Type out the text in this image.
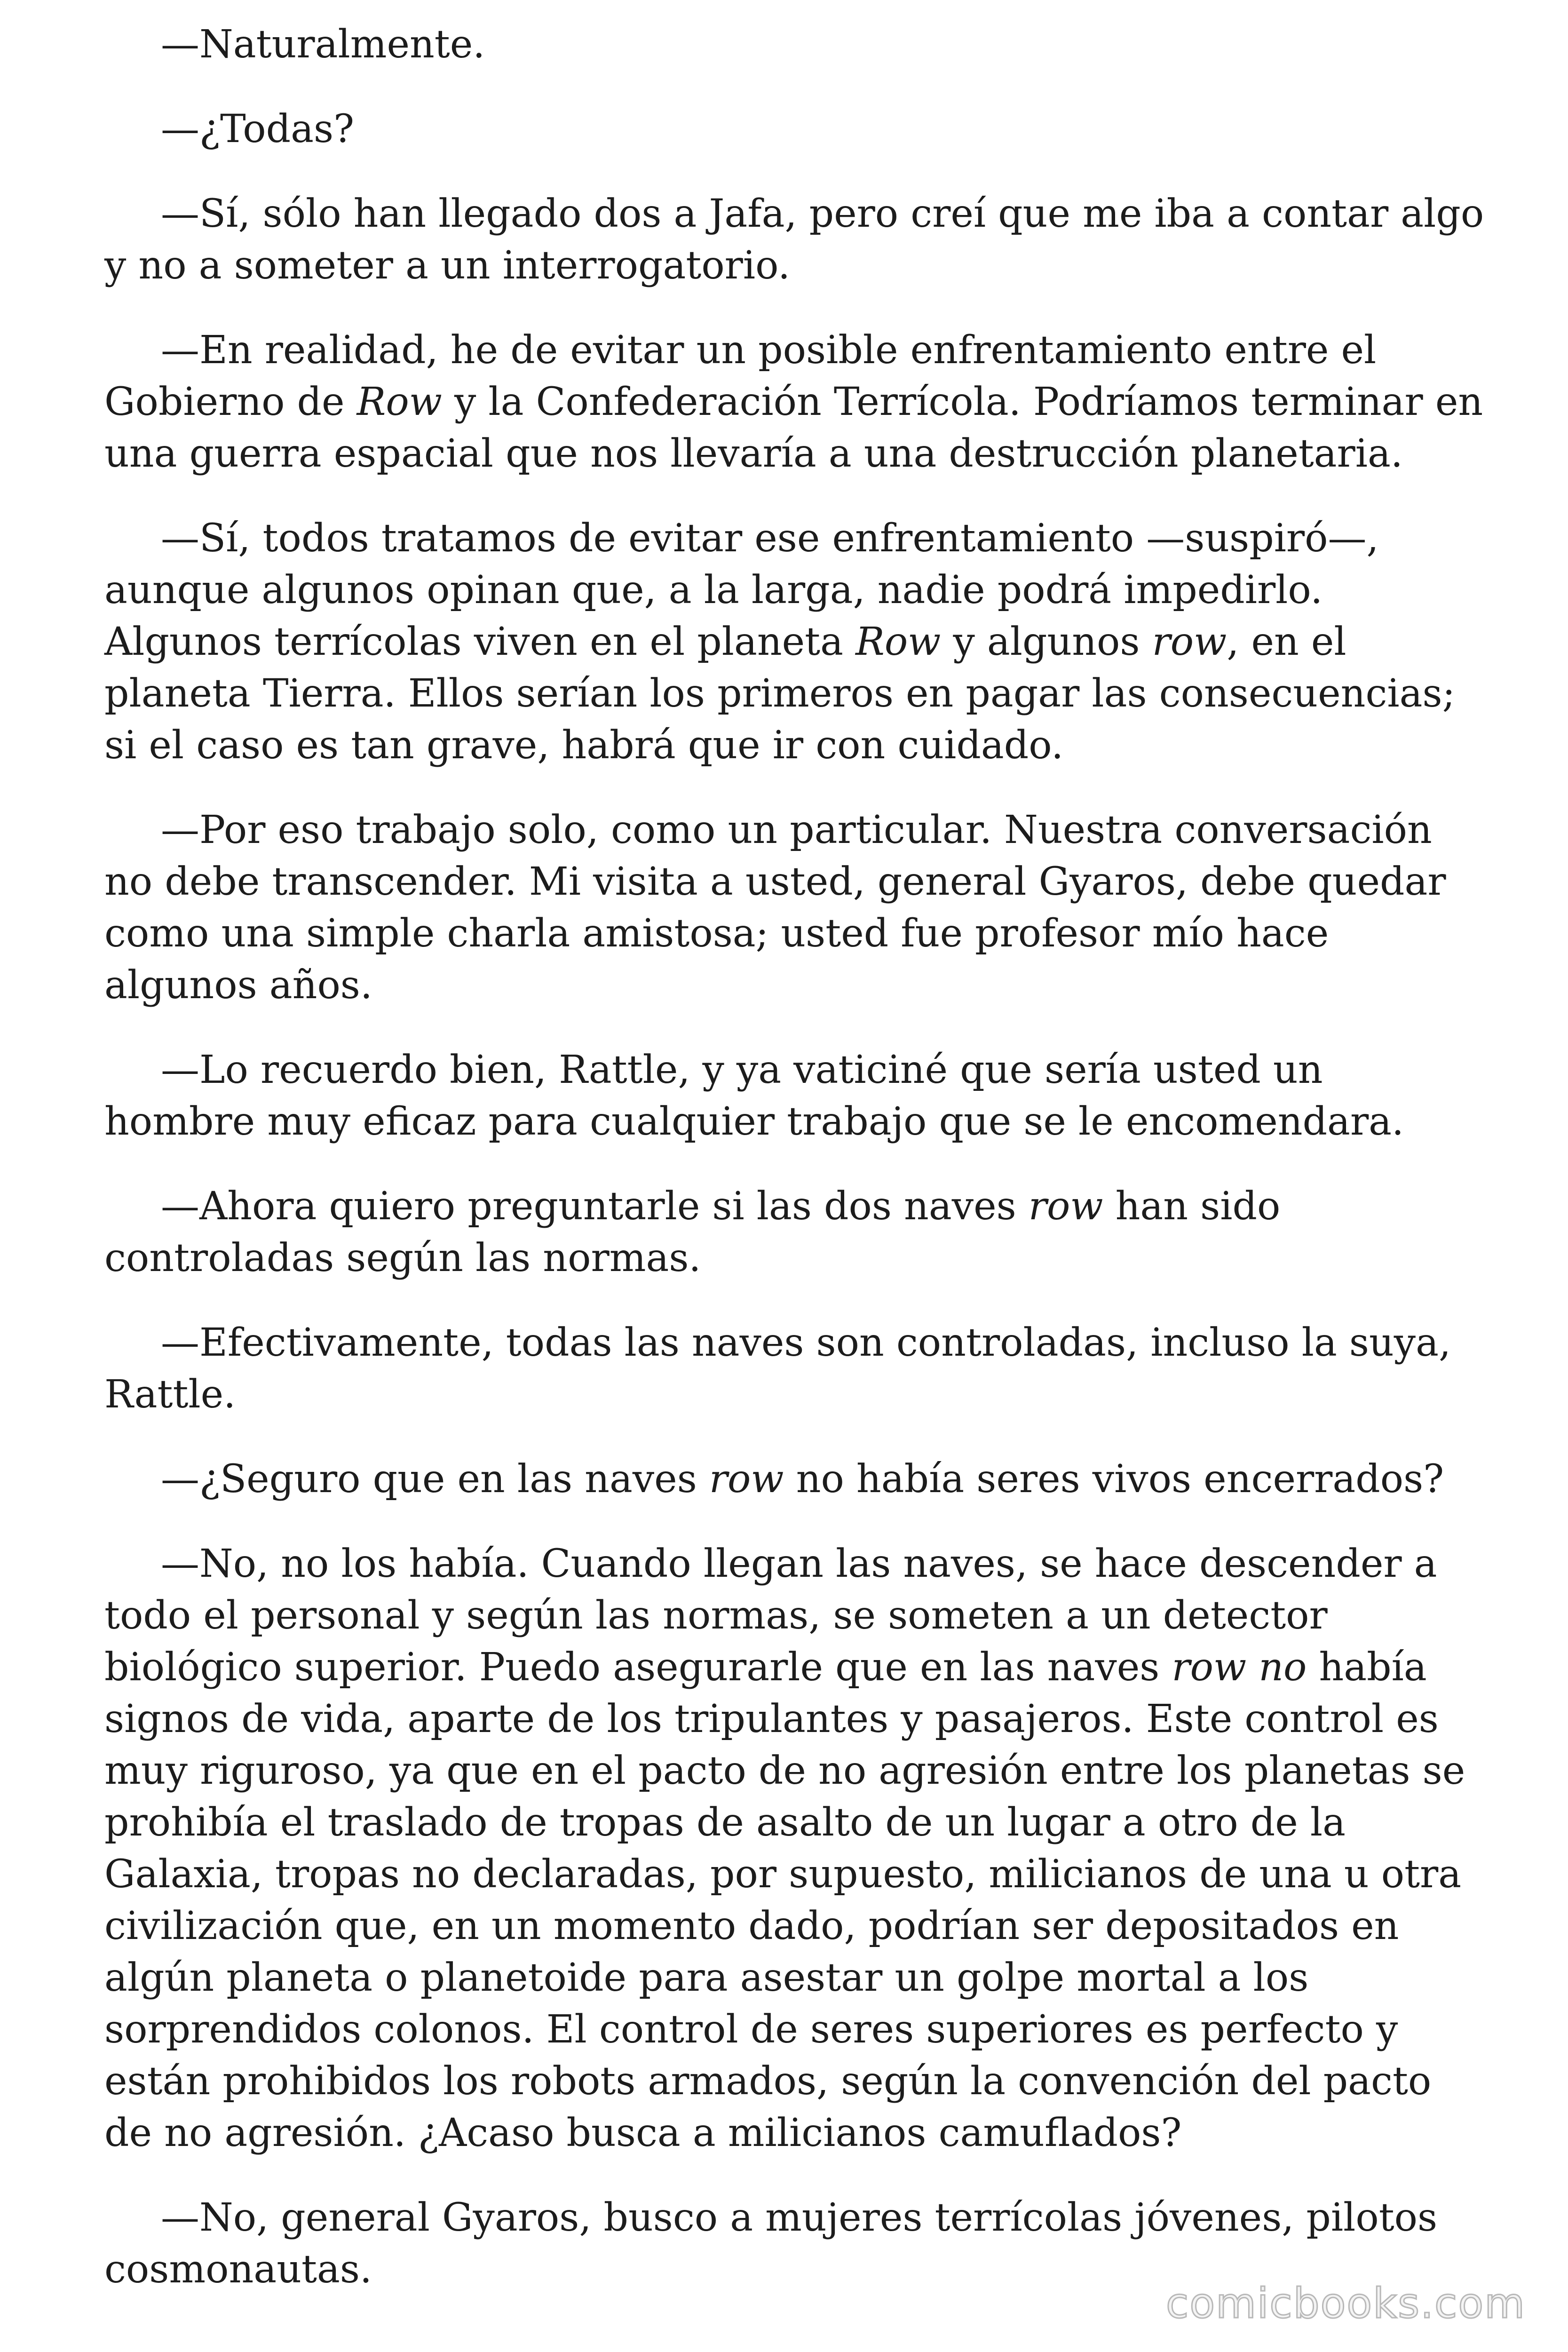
—Naturalmente.

—¿Todas?

—Sí, sólo han llegado dos a Jafa, pero creí que me iba a contar algo y no a someter a un interrogatorio.

—En realidad, he de evitar un posible enfrentamiento entre el Gobierno de Row y la Confederación Terrícola. Podríamos terminar en una guerra espacial que nos llevaría a una destrucción planetaria.

—Sí, todos tratamos de evitar ese enfrentamiento —suspiró—, aunque algunos opinan que, a la larga, nadie podrá impedirlo. Algunos terrícolas viven en el planeta Row y algunos row, en el planeta Tierra. Ellos serían los primeros en pagar las consecuencias; si el caso es tan grave, habrá que ir con cuidado.

—Por eso trabajo solo, como un particular. Nuestra conversación no debe transcender. Mi visita a usted, general Gyaros, debe quedar como una simple charla amistosa; usted fue profesor mío hace algunos años.

—Lo recuerdo bien, Rattle, y ya vaticiné que sería usted un hombre muy eficaz para cualquier trabajo que se le encomendara.

—Ahora quiero preguntarle si las dos naves row han sido controladas según las normas.

—Efectivamente, todas las naves son controladas, incluso la suya, Rattle.

—¿Seguro que en las naves row no había seres vivos encerrados?

—No, no los había. Cuando llegan las naves, se hace descender a todo el personal y según las normas, se someten a un detector biológico superior. Puedo asegurarle que en las naves row no había signos de vida, aparte de los tripulantes y pasajeros. Este control es muy riguroso, ya que en el pacto de no agresión entre los planetas se prohibía el traslado de tropas de asalto de un lugar a otro de la Galaxia, tropas no declaradas, por supuesto, milicianos de una u otra civilización que, en un momento dado, podrían ser depositados en algún planeta o planetoide para asestar un golpe mortal a los sorprendidos colonos. El control de seres superiores es perfecto y están prohibidos los robots armados, según la convención del pacto de no agresión. ¿Acaso busca a milicianos camuflados?

—No, general Gyaros, busco a mujeres terrícolas jóvenes, pilotos cosmonautas.

comicbooks.com
